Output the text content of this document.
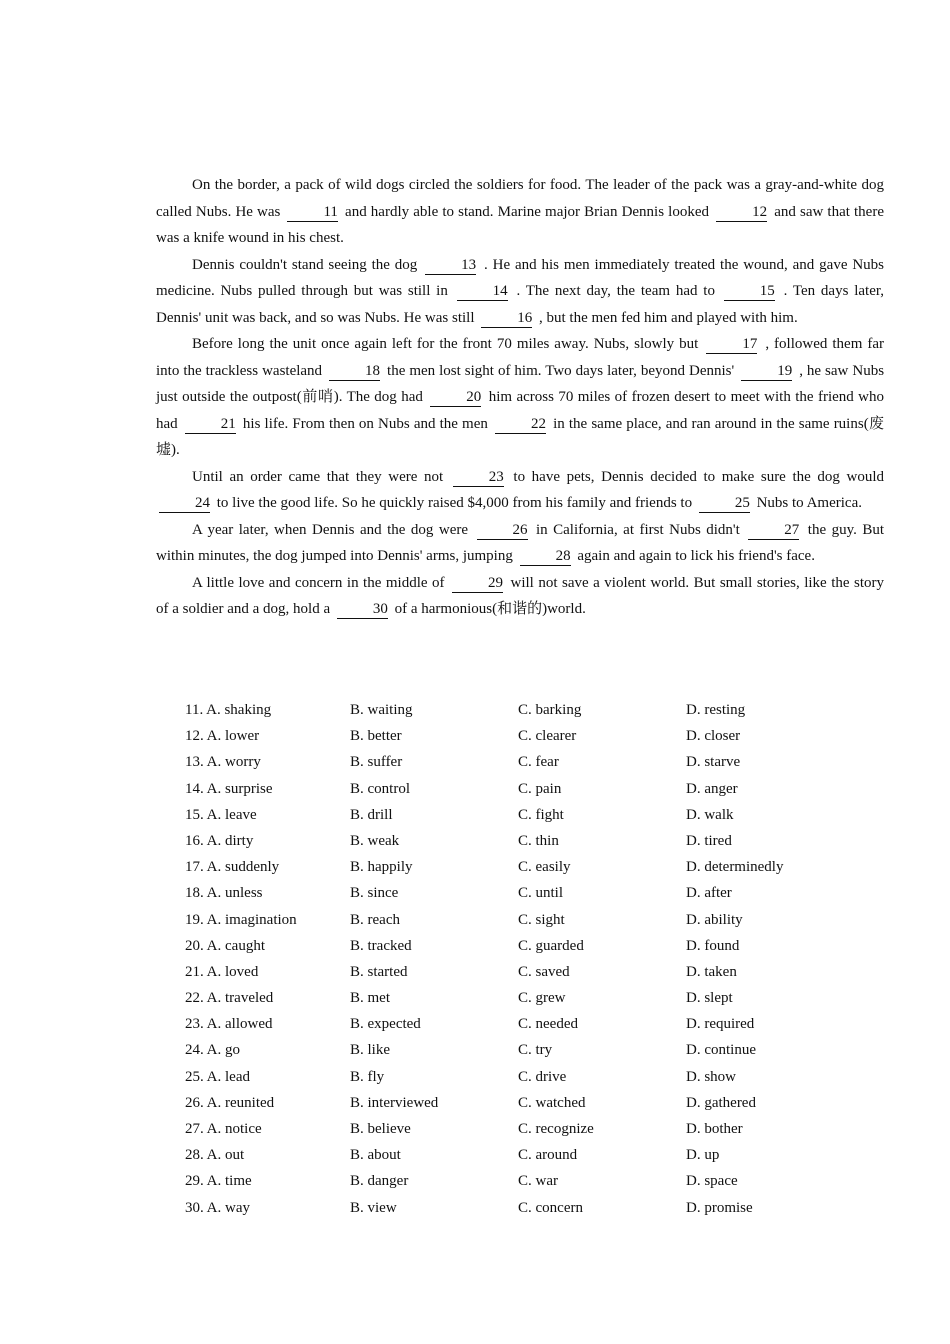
On the border, a pack of wild dogs circled the soldiers for food. The leader of the pack was a gray-and-white dog called Nubs. He was	11 and hardly able to stand. Marine major Brian Dennis looked	12 and saw that there was a knife wound in his chest.

Dennis couldn't stand seeing the dog	13 . He and his men immediately treated the wound, and gave Nubs medicine. Nubs pulled through but was still in	14 . The next day, the team had to	15 . Ten days later, Dennis' unit was back, and so was Nubs. He was still	16 , but the men fed him and played with him.

Before long the unit once again left for the front 70 miles away. Nubs, slowly but	17 , followed them far into the trackless wasteland	18 the men lost sight of him. Two days later, beyond Dennis'	19 , he saw Nubs just outside the outpost(前哨). The dog had	20 him across 70 miles of frozen desert to meet with the friend who had	21 his life. From then on Nubs and the men	22 in the same place, and ran around in the same ruins(废墟).

Until an order came that they were not	23 to have pets, Dennis decided to make sure the dog would 24 to live the good life. So he quickly raised $4,000 from his family and friends to	25 Nubs to America.

A year later, when Dennis and the dog were	26 in California, at first Nubs didn't	27 the guy. But within minutes, the dog jumped into Dennis' arms, jumping	28 again and again to lick his friend's face.

A little love and concern in the middle of	29 will not save a violent world. But small stories, like the story of a soldier and a dog, hold a	30 of a harmonious(和谐的)world.

11. A. shaking	B. waiting	C. barking	D. resting
12. A. lower	B. better	C. clearer	D. closer
13. A. worry	B. suffer	C. fear	D. starve
14. A. surprise	B. control	C. pain	D. anger
15. A. leave	B. drill	C. fight	D. walk
16. A. dirty	B. weak	C. thin	D. tired
17. A. suddenly	B. happily	C. easily	D. determinedly
18. A. unless	B. since	C. until	D. after
19. A. imagination	B. reach	C. sight	D. ability
20. A. caught	B. tracked	C. guarded	D. found
21. A. loved	B. started	C. saved	D. taken
22. A. traveled	B. met	C. grew	D. slept
23. A. allowed	B. expected	C. needed	D. required
24. A. go	B. like	C. try	D. continue
25. A. lead	B. fly	C. drive	D. show
26. A. reunited	B. interviewed	C. watched	D. gathered
27. A. notice	B. believe	C. recognize	D. bother
28. A. out	B. about	C. around	D. up
29. A. time	B. danger	C. war	D. space
30. A. way	B. view	C. concern	D. promise
